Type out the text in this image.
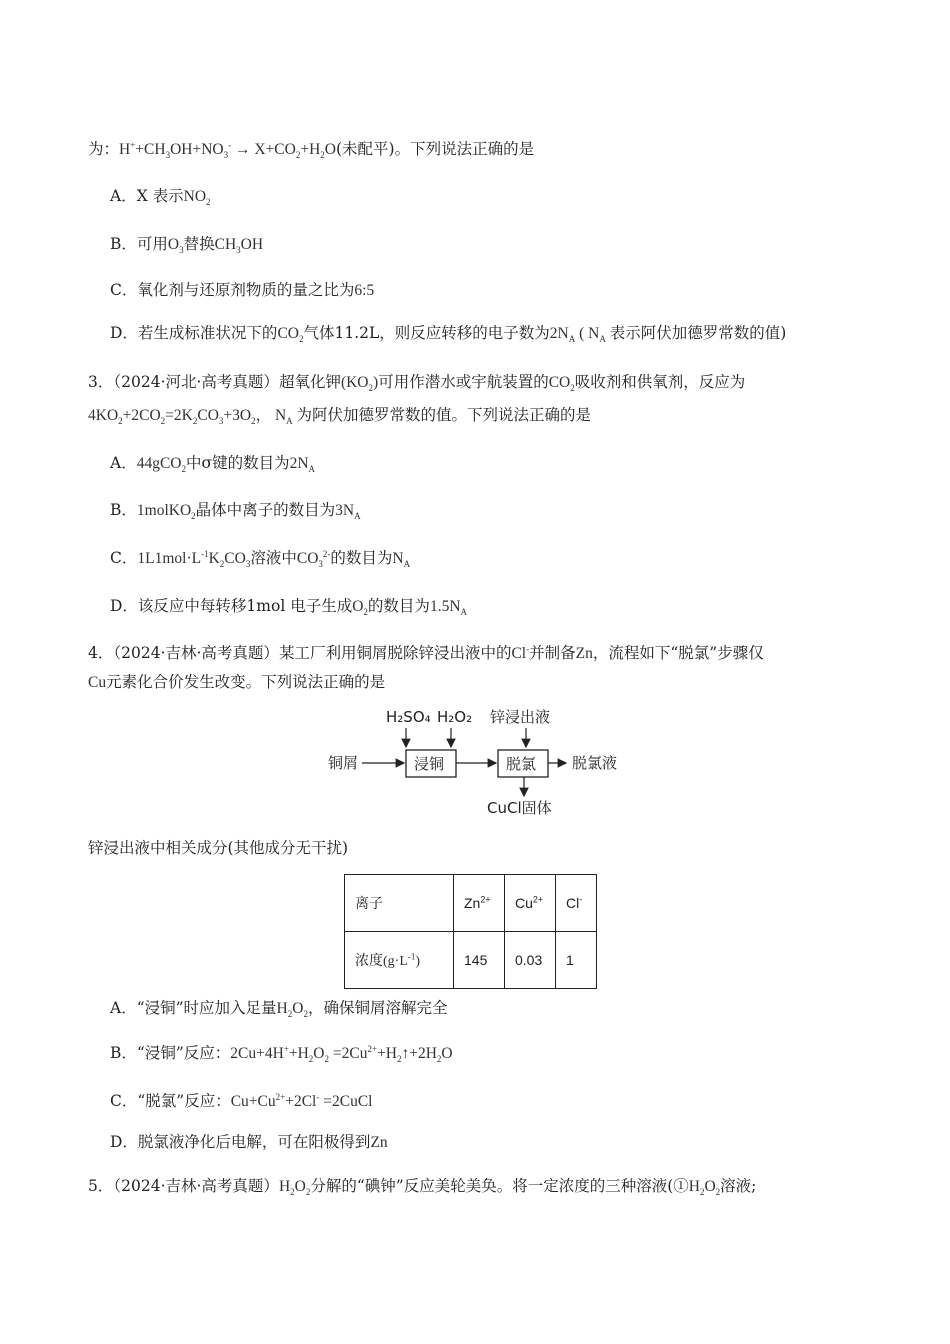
为：$H^++CH_3OH+NO_3^- \to X+CO_2+H_2O$(未配平)。下列说法正确的是
A．X 表示$NO_2$
B．可用$O_3$替换$CH_3OH$
C．氧化剂与还原剂物质的量之比为6:5
D．若生成标准状况下的$CO_2$气体11.2L，则反应转移的电子数为$2N_A$ ( $N_A$ 表示阿伏加德罗常数的值)
3．（2024·河北·高考真题）超氧化钾$(KO_2)$可用作潜水或宇航装置的$CO_2$吸收剂和供氧剂，反应为
$4KO_2+2CO_2=2K_2CO_3+3O_2$， $N_A$ 为阿伏加德罗常数的值。下列说法正确的是
A．44gCO$_2$中σ键的数目为$2N_A$
B．1molKO$_2$晶体中离子的数目为$3N_A$
C．$1L1mol\cdot L^{-1}K_2CO_3$溶液中$CO_3^{2-}$的数目为$N_A$
D．该反应中每转移1mol 电子生成$O_2$的数目为$1.5N_A$
4．（2024·吉林·高考真题）某工厂利用铜屑脱除锌浸出液中的Cl-并制备Zn，流程如下“脱氯”步骤仅
Cu元素化合价发生改变。下列说法正确的是
H₂SO₄ H₂O₂ 锌浸出液
铜屑	浸铜	脱氯 脱氯液
CuCl固体
锌浸出液中相关成分(其他成分无干扰)
离子	$Zn^{2+}$	$Cu^{2+}$	Cl-
浓度$(g\cdot L^{-1})$	145	0.03	1
A．“浸铜”时应加入足量$H_2O_2$，确保铜屑溶解完全
B．“浸铜”反应：$2Cu+4H^++H_2O_2$ $=2Cu^{2+}+H_2↑+2H_2O$
C．“脱氯”反应：$Cu+Cu^{2+}+2Cl^-$ =2CuCl
D．脱氯液净化后电解，可在阳极得到Zn
5．（2024·吉林·高考真题）$H_2O_2$分解的“碘钟”反应美轮美奂。将一定浓度的三种溶液($①H_2O_2$溶液;
